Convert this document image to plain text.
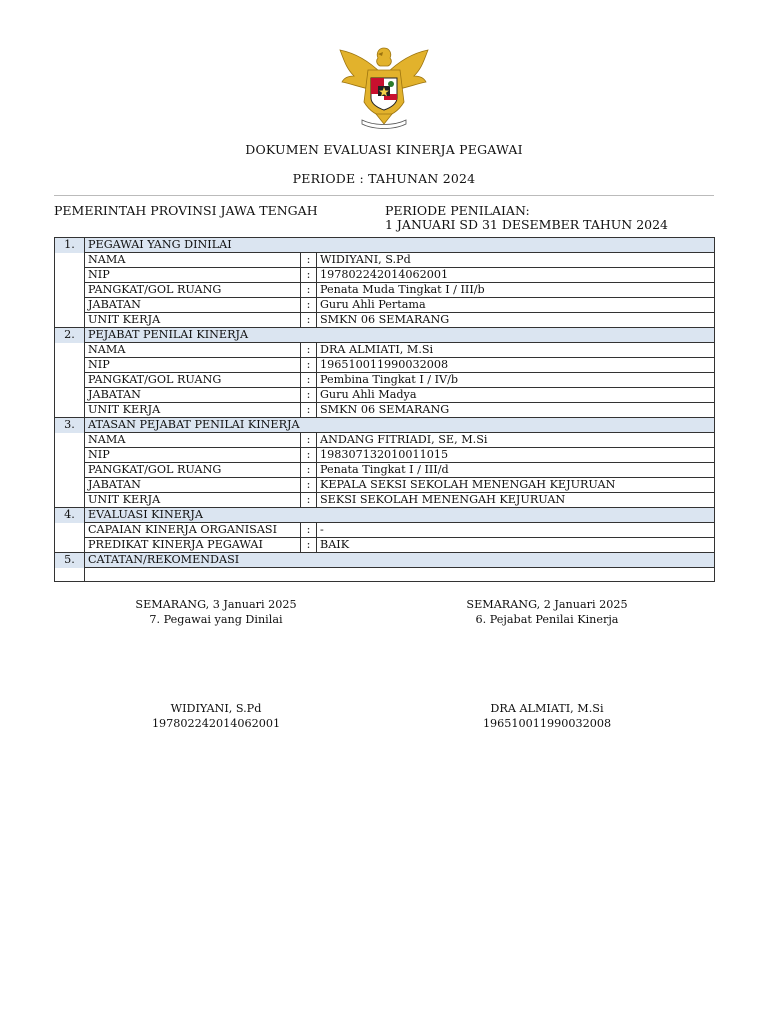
DOKUMEN EVALUASI KINERJA PEGAWAI
PERIODE : TAHUNAN 2024
PEMERINTAH PROVINSI JAWA TENGAH	PERIODE PENILAIAN:
1 JANUARI SD 31 DESEMBER TAHUN 2024
1.	PEGAWAI YANG DINILAI		
	NAMA	:	WIDIYANI, S.Pd
	NIP	:	197802242014062001
	PANGKAT/GOL RUANG	:	Penata Muda Tingkat I / III/b
	JABATAN	:	Guru Ahli Pertama
	UNIT KERJA	:	SMKN 06 SEMARANG
2.	PEJABAT PENILAI KINERJA		
	NAMA	:	DRA ALMIATI, M.Si
	NIP	:	196510011990032008
	PANGKAT/GOL RUANG	:	Pembina Tingkat I / IV/b
	JABATAN	:	Guru Ahli Madya
	UNIT KERJA	:	SMKN 06 SEMARANG
3.	ATASAN PEJABAT PENILAI KINERJA		
	NAMA	:	ANDANG FITRIADI, SE, M.Si
	NIP	:	198307132010011015
	PANGKAT/GOL RUANG	:	Penata Tingkat I / III/d
	JABATAN	:	KEPALA SEKSI SEKOLAH MENENGAH KEJURUAN
	UNIT KERJA	:	SEKSI SEKOLAH MENENGAH KEJURUAN
4.	EVALUASI KINERJA		
	CAPAIAN KINERJA ORGANISASI	:	-
	PREDIKAT KINERJA PEGAWAI	:	BAIK
5.	CATATAN/REKOMENDASI		

SEMARANG, 3 Januari 2025
7. Pegawai yang Dinilai
WIDIYANI, S.Pd
197802242014062001
SEMARANG, 2 Januari 2025
6. Pejabat Penilai Kinerja
DRA ALMIATI, M.Si
196510011990032008
